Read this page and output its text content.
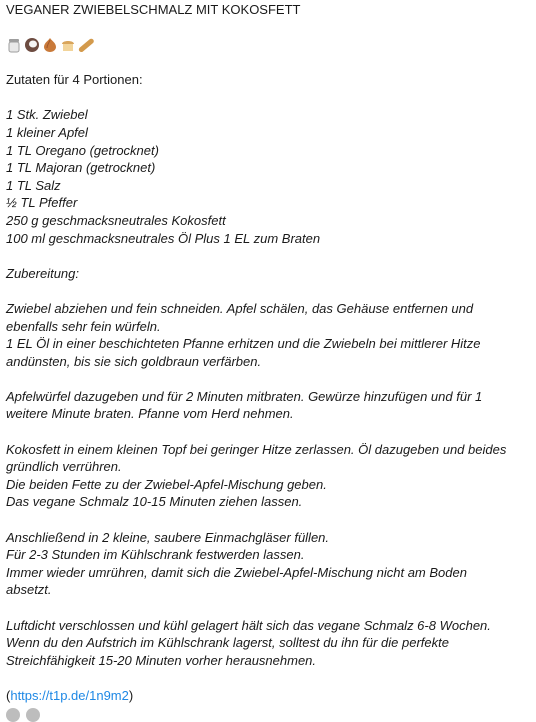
VEGANER ZWIEBELSCHMALZ MIT KOKOSFETT

Zutaten für 4 Portionen:

1 Stk. Zwiebel
1 kleiner Apfel
1 TL Oregano (getrocknet)
1 TL Majoran (getrocknet)
1 TL Salz
½ TL Pfeffer
250 g geschmacksneutrales Kokosfett
100 ml geschmacksneutrales Öl Plus 1 EL zum Braten

Zubereitung:

Zwiebel abziehen und fein schneiden. Apfel schälen, das Gehäuse entfernen und
ebenfalls sehr fein würfeln.
1 EL Öl in einer beschichteten Pfanne erhitzen und die Zwiebeln bei mittlerer Hitze
andünsten, bis sie sich goldbraun verfärben.

Apfelwürfel dazugeben und für 2 Minuten mitbraten. Gewürze hinzufügen und für 1
weitere Minute braten. Pfanne vom Herd nehmen.

Kokosfett in einem kleinen Topf bei geringer Hitze zerlassen. Öl dazugeben und beides
gründlich verrühren.
Die beiden Fette zu der Zwiebel-Apfel-Mischung geben.
Das vegane Schmalz 10-15 Minuten ziehen lassen.

Anschließend in 2 kleine, saubere Einmachgläser füllen.
Für 2-3 Stunden im Kühlschrank festwerden lassen.
Immer wieder umrühren, damit sich die Zwiebel-Apfel-Mischung nicht am Boden
absetzt.

Luftdicht verschlossen und kühl gelagert hält sich das vegane Schmalz 6-8 Wochen.
Wenn du den Aufstrich im Kühlschrank lagerst, solltest du ihn für die perfekte
Streichfähigkeit 15-20 Minuten vorher herausnehmen.

(https://t1p.de/1n9m2)
